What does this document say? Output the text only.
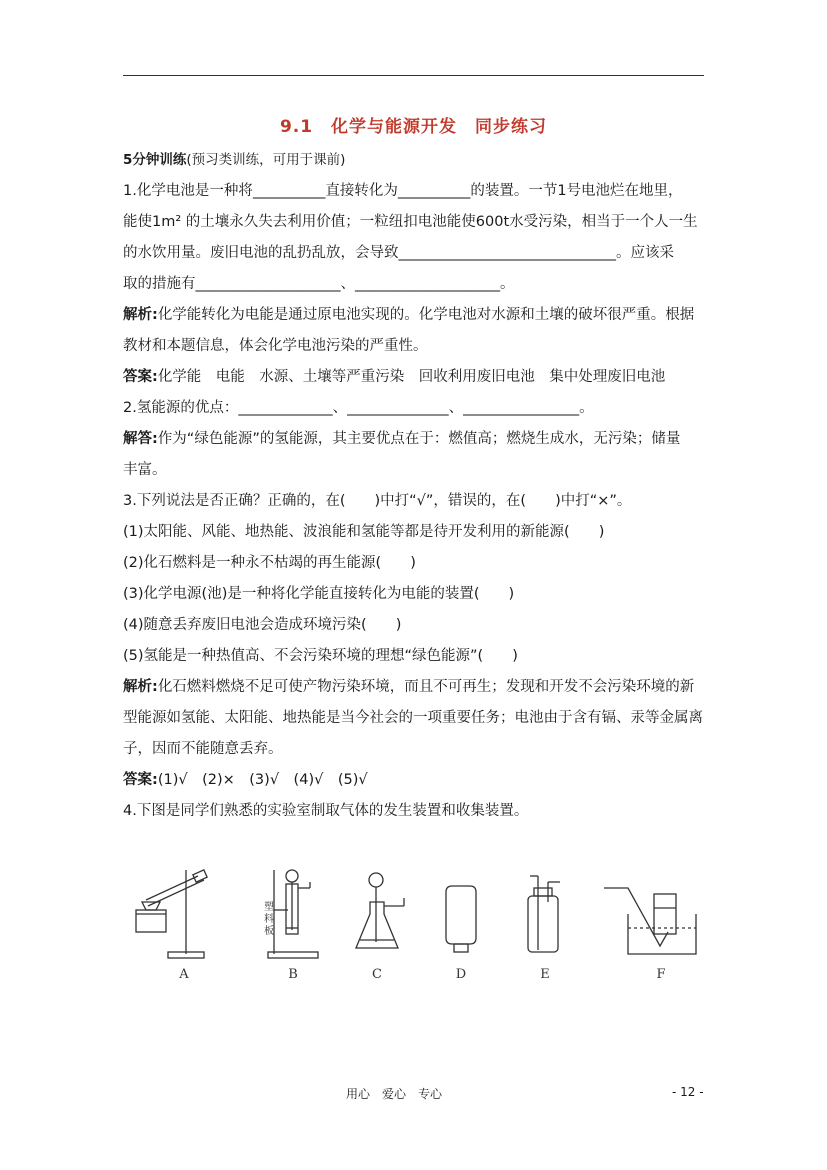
9.1　化学与能源开发　同步练习
5分钟训练(预习类训练，可用于课前)
1.化学电池是一种将__________直接转化为__________的装置。一节1号电池烂在地里，
能使1m² 的土壤永久失去利用价值；一粒纽扣电池能使600t水受污染，相当于一个人一生
的水饮用量。废旧电池的乱扔乱放，会导致______________________________。应该采
取的措施有____________________、____________________。
解析:化学能转化为电能是通过原电池实现的。化学电池对水源和土壤的破坏很严重。根据
教材和本题信息，体会化学电池污染的严重性。
答案:化学能　电能　水源、土壤等严重污染　回收利用废旧电池　集中处理废旧电池
2.氢能源的优点：_____________、______________、________________。
解答:作为“绿色能源”的氢能源，其主要优点在于：燃值高；燃烧生成水，无污染；储量
丰富。
3.下列说法是否正确？正确的，在(　　)中打“√”，错误的，在(　　)中打“×”。
(1)太阳能、风能、地热能、波浪能和氢能等都是待开发利用的新能源(　　)
(2)化石燃料是一种永不枯竭的再生能源(　　)
(3)化学电源(池)是一种将化学能直接转化为电能的装置(　　)
(4)随意丢弃废旧电池会造成环境污染(　　)
(5)氢能是一种热值高、不会污染环境的理想“绿色能源”(　　)
解析:化石燃料燃烧不足可使产物污染环境，而且不可再生；发现和开发不会污染环境的新
型能源如氢能、太阳能、地热能是当今社会的一项重要任务；电池由于含有镉、汞等金属离
子，因而不能随意丢弃。
答案:(1)√　(2)×　(3)√　(4)√　(5)√
4.下图是同学们熟悉的实验室制取气体的发生装置和收集装置。
塑
料
板
A	B	C	D	E	F
用心　爱心　专心	- 12 -
